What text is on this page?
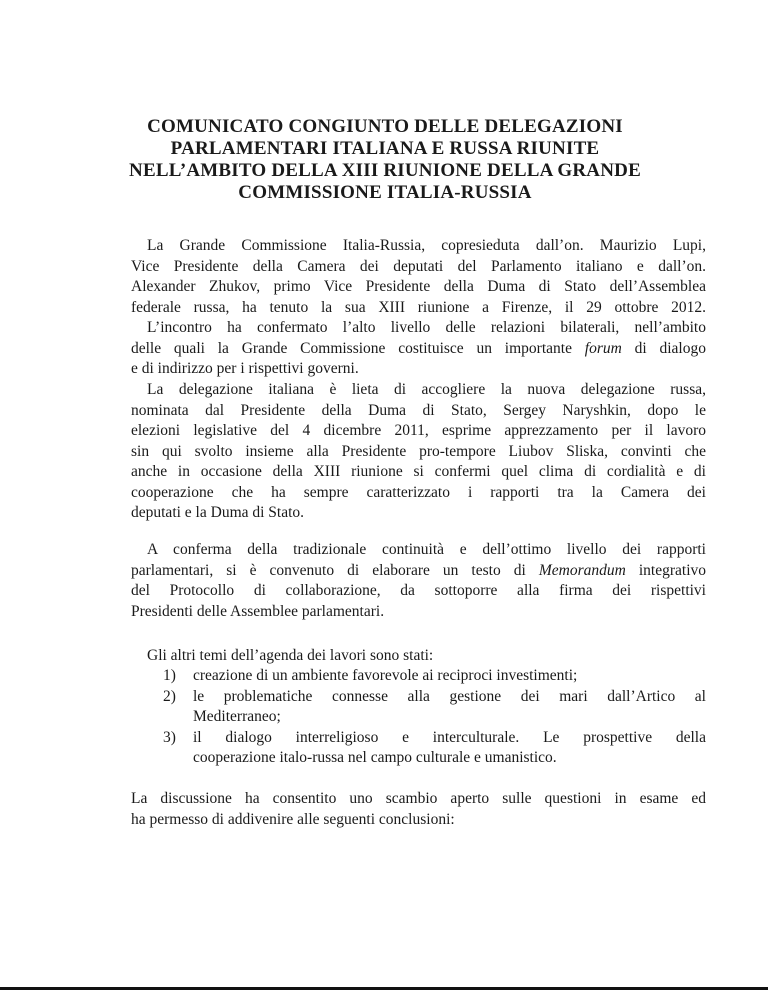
COMUNICATO CONGIUNTO DELLE DELEGAZIONI
PARLAMENTARI ITALIANA E RUSSA RIUNITE
NELL’AMBITO DELLA XIII RIUNIONE DELLA GRANDE
COMMISSIONE ITALIA-RUSSIA
La Grande Commissione Italia-Russia, copresieduta dall’on. Maurizio Lupi,
Vice Presidente della Camera dei deputati del Parlamento italiano e dall’on.
Alexander Zhukov, primo Vice Presidente della Duma di Stato dell’Assemblea
federale russa, ha tenuto la sua XIII riunione a Firenze, il 29 ottobre 2012.
L’incontro ha confermato l’alto livello delle relazioni bilaterali, nell’ambito
delle quali la Grande Commissione costituisce un importante forum di dialogo
e di indirizzo per i rispettivi governi.
La delegazione italiana è lieta di accogliere la nuova delegazione russa,
nominata dal Presidente della Duma di Stato, Sergey Naryshkin, dopo le
elezioni legislative del 4 dicembre 2011, esprime apprezzamento per il lavoro
sin qui svolto insieme alla Presidente pro-tempore Liubov Sliska, convinti che
anche in occasione della XIII riunione si confermi quel clima di cordialità e di
cooperazione che ha sempre caratterizzato i rapporti tra la Camera dei
deputati e la Duma di Stato.
A conferma della tradizionale continuità e dell’ottimo livello dei rapporti
parlamentari, si è convenuto di elaborare un testo di Memorandum integrativo
del Protocollo di collaborazione, da sottoporre alla firma dei rispettivi
Presidenti delle Assemblee parlamentari.
Gli altri temi dell’agenda dei lavori sono stati:
1) creazione di un ambiente favorevole ai reciproci investimenti;
2) le problematiche connesse alla gestione dei mari dall’Artico al
Mediterraneo;
3) il dialogo interreligioso e interculturale. Le prospettive della
cooperazione italo-russa nel campo culturale e umanistico.
La discussione ha consentito uno scambio aperto sulle questioni in esame ed
ha permesso di addivenire alle seguenti conclusioni:
